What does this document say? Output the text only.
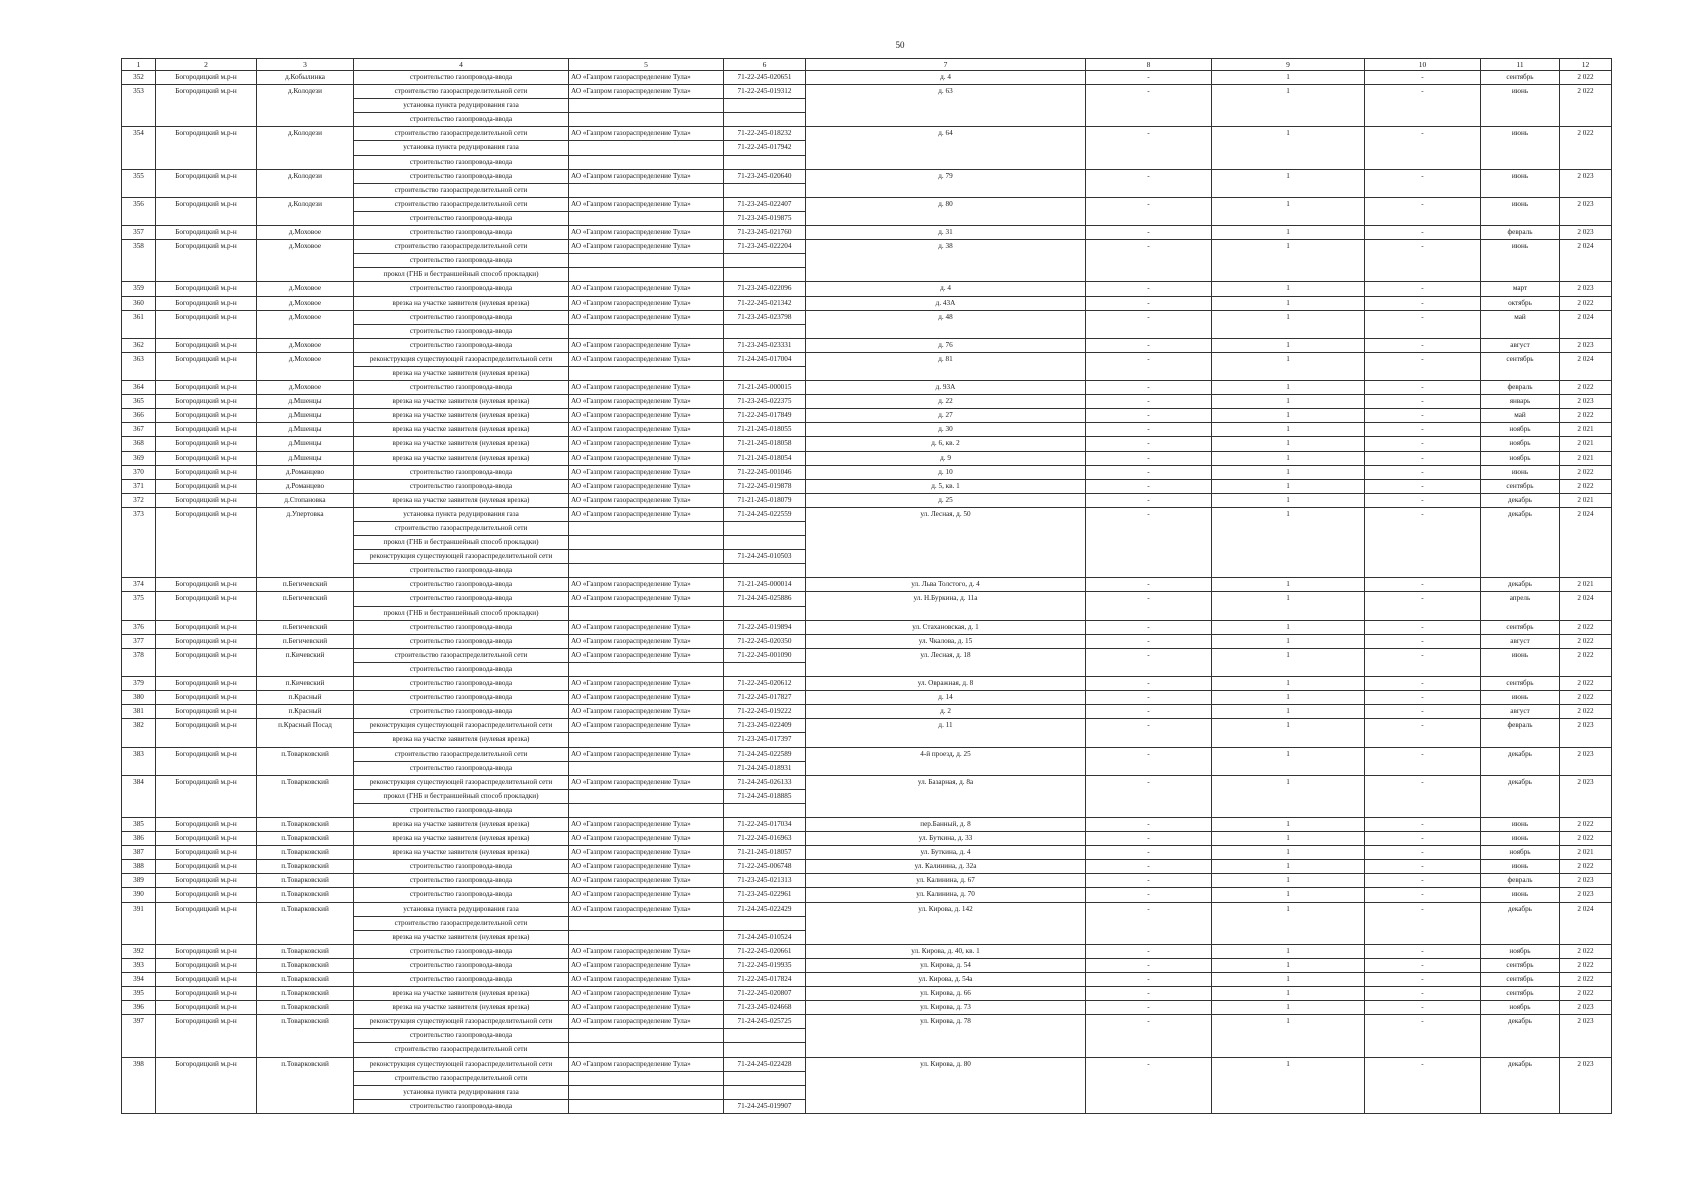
50
1	2	3	4	5	6	7	8	9	10	11	12
352	Богородицкий м.р-н	д.Кобылинка	строительство газопровода-ввода	АО «Газпром газораспределение Тула»	71-22-245-020651	д. 4	-	1	-	сентябрь	2 022
353	Богородицкий м.р-н	д.Колодези	строительство газораспределительной сети	АО «Газпром газораспределение Тула»	71-22-245-019312	д. 63	-	1	-	июнь	2 022
			установка пункта редуцирования газа								
			строительство газопровода-ввода								
354	Богородицкий м.р-н	д.Колодези	строительство газораспределительной сети	АО «Газпром газораспределение Тула»	71-22-245-018232	д. 64	-	1	-	июнь	2 022
			установка пункта редуцирования газа		71-22-245-017942						
			строительство газопровода-ввода								
355	Богородицкий м.р-н	д.Колодези	строительство газопровода-ввода	АО «Газпром газораспределение Тула»	71-23-245-020640	д. 79	-	1	-	июнь	2 023
			строительство газораспределительной сети								
356	Богородицкий м.р-н	д.Колодези	строительство газораспределительной сети	АО «Газпром газораспределение Тула»	71-23-245-022407	д. 80	-	1	-	июнь	2 023
			строительство газопровода-ввода		71-23-245-019875						
357	Богородицкий м.р-н	д.Моховое	строительство газопровода-ввода	АО «Газпром газораспределение Тула»	71-23-245-021760	д. 31	-	1	-	февраль	2 023
358	Богородицкий м.р-н	д.Моховое	строительство газораспределительной сети	АО «Газпром газораспределение Тула»	71-23-245-022204	д. 38	-	1	-	июнь	2 024
			строительство газопровода-ввода								
			прокол (ГНБ и бестраншейный способ прокладки)								
359	Богородицкий м.р-н	д.Моховое	строительство газопровода-ввода	АО «Газпром газораспределение Тула»	71-23-245-022096	д. 4	-	1	-	март	2 023
360	Богородицкий м.р-н	д.Моховое	врезка на участке заявителя (нулевая врезка)	АО «Газпром газораспределение Тула»	71-22-245-021342	д. 43А	-	1	-	октябрь	2 022
361	Богородицкий м.р-н	д.Моховое	строительство газопровода-ввода	АО «Газпром газораспределение Тула»	71-23-245-023798	д. 48	-	1	-	май	2 024
			строительство газопровода-ввода								
362	Богородицкий м.р-н	д.Моховое	строительство газопровода-ввода	АО «Газпром газораспределение Тула»	71-23-245-023331	д. 76	-	1	-	август	2 023
363	Богородицкий м.р-н	д.Моховое	реконструкция существующей газораспределительной сети	АО «Газпром газораспределение Тула»	71-24-245-017004	д. 81	-	1	-	сентябрь	2 024
			врезка на участке заявителя (нулевая врезка)								
364	Богородицкий м.р-н	д.Моховое	строительство газопровода-ввода	АО «Газпром газораспределение Тула»	71-21-245-000015	д. 93А	-	1	-	февраль	2 022
365	Богородицкий м.р-н	д.Мшенцы	врезка на участке заявителя (нулевая врезка)	АО «Газпром газораспределение Тула»	71-23-245-022375	д. 22	-	1	-	январь	2 023
366	Богородицкий м.р-н	д.Мшенцы	врезка на участке заявителя (нулевая врезка)	АО «Газпром газораспределение Тула»	71-22-245-017849	д. 27	-	1	-	май	2 022
367	Богородицкий м.р-н	д.Мшенцы	врезка на участке заявителя (нулевая врезка)	АО «Газпром газораспределение Тула»	71-21-245-018055	д. 30	-	1	-	ноябрь	2 021
368	Богородицкий м.р-н	д.Мшенцы	врезка на участке заявителя (нулевая врезка)	АО «Газпром газораспределение Тула»	71-21-245-018058	д. 6, кв. 2	-	1	-	ноябрь	2 021
369	Богородицкий м.р-н	д.Мшенцы	врезка на участке заявителя (нулевая врезка)	АО «Газпром газораспределение Тула»	71-21-245-018054	д. 9	-	1	-	ноябрь	2 021
370	Богородицкий м.р-н	д.Романцево	строительство газопровода-ввода	АО «Газпром газораспределение Тула»	71-22-245-001046	д. 10	-	1	-	июнь	2 022
371	Богородицкий м.р-н	д.Романцево	строительство газопровода-ввода	АО «Газпром газораспределение Тула»	71-22-245-019878	д. 5, кв. 1	-	1	-	сентябрь	2 022
372	Богородицкий м.р-н	д.Стопановка	врезка на участке заявителя (нулевая врезка)	АО «Газпром газораспределение Тула»	71-21-245-018079	д. 25	-	1	-	декабрь	2 021
373	Богородицкий м.р-н	д.Упертовка	установка пункта редуцирования газа	АО «Газпром газораспределение Тула»	71-24-245-022559	ул. Лесная, д. 50	-	1	-	декабрь	2 024
			строительство газораспределительной сети								
			прокол (ГНБ и бестраншейный способ прокладки)								
			реконструкция существующей газораспределительной сети		71-24-245-010503						
			строительство газопровода-ввода								
374	Богородицкий м.р-н	п.Бегичевский	строительство газопровода-ввода	АО «Газпром газораспределение Тула»	71-21-245-000014	ул. Льва Толстого, д. 4	-	1	-	декабрь	2 021
375	Богородицкий м.р-н	п.Бегичевский	строительство газопровода-ввода	АО «Газпром газораспределение Тула»	71-24-245-025886	ул. Н.Буркина, д. 11а	-	1	-	апрель	2 024
			прокол (ГНБ и бестраншейный способ прокладки)								
376	Богородицкий м.р-н	п.Бегичевский	строительство газопровода-ввода	АО «Газпром газораспределение Тула»	71-22-245-019894	ул. Стахановская, д. 1	-	1	-	сентябрь	2 022
377	Богородицкий м.р-н	п.Бегичевский	строительство газопровода-ввода	АО «Газпром газораспределение Тула»	71-22-245-020350	ул. Чкалова, д. 15	-	1	-	август	2 022
378	Богородицкий м.р-н	п.Кичевский	строительство газораспределительной сети	АО «Газпром газораспределение Тула»	71-22-245-001090	ул. Лесная, д. 18	-	1	-	июнь	2 022
			строительство газопровода-ввода								
379	Богородицкий м.р-н	п.Кичевский	строительство газопровода-ввода	АО «Газпром газораспределение Тула»	71-22-245-020612	ул. Овражная, д. 8	-	1	-	сентябрь	2 022
380	Богородицкий м.р-н	п.Красный	строительство газопровода-ввода	АО «Газпром газораспределение Тула»	71-22-245-017827	д. 14	-	1	-	июнь	2 022
381	Богородицкий м.р-н	п.Красный	строительство газопровода-ввода	АО «Газпром газораспределение Тула»	71-22-245-019222	д. 2	-	1	-	август	2 022
382	Богородицкий м.р-н	п.Красный Посад	реконструкция существующей газораспределительной сети	АО «Газпром газораспределение Тула»	71-23-245-022409	д. 11	-	1	-	февраль	2 023
			врезка на участке заявителя (нулевая врезка)		71-23-245-017397						
383	Богородицкий м.р-н	п.Товарковский	строительство газораспределительной сети	АО «Газпром газораспределение Тула»	71-24-245-022589	4-й проезд, д. 25	-	1	-	декабрь	2 023
			строительство газопровода-ввода		71-24-245-018931						
384	Богородицкий м.р-н	п.Товарковский	реконструкция существующей газораспределительной сети	АО «Газпром газораспределение Тула»	71-24-245-026133	ул. Базарная, д. 8а	-	1	-	декабрь	2 023
			прокол (ГНБ и бестраншейный способ прокладки)		71-24-245-018885						
			строительство газопровода-ввода								
385	Богородицкий м.р-н	п.Товарковский	врезка на участке заявителя (нулевая врезка)	АО «Газпром газораспределение Тула»	71-22-245-017034	пер.Банный, д. 8	-	1	-	июнь	2 022
386	Богородицкий м.р-н	п.Товарковский	врезка на участке заявителя (нулевая врезка)	АО «Газпром газораспределение Тула»	71-22-245-016963	ул. Буткина, д. 33	-	1	-	июнь	2 022
387	Богородицкий м.р-н	п.Товарковский	врезка на участке заявителя (нулевая врезка)	АО «Газпром газораспределение Тула»	71-21-245-018057	ул. Буткина, д. 4	-	1	-	ноябрь	2 021
388	Богородицкий м.р-н	п.Товарковский	строительство газопровода-ввода	АО «Газпром газораспределение Тула»	71-22-245-006748	ул. Калинина, д. 32а	-	1	-	июнь	2 022
389	Богородицкий м.р-н	п.Товарковский	строительство газопровода-ввода	АО «Газпром газораспределение Тула»	71-23-245-021313	ул. Калинина, д. 67	-	1	-	февраль	2 023
390	Богородицкий м.р-н	п.Товарковский	строительство газопровода-ввода	АО «Газпром газораспределение Тула»	71-23-245-022961	ул. Калинина, д. 70	-	1	-	июнь	2 023
391	Богородицкий м.р-н	п.Товарковский	установка пункта редуцирования газа	АО «Газпром газораспределение Тула»	71-24-245-022429	ул. Кирова, д. 142	-	1	-	декабрь	2 024
			строительство газораспределительной сети								
			врезка на участке заявителя (нулевая врезка)		71-24-245-010524						
392	Богородицкий м.р-н	п.Товарковский	строительство газопровода-ввода	АО «Газпром газораспределение Тула»	71-22-245-020661	ул. Кирова, д. 40, кв. 1	-	1	-	ноябрь	2 022
393	Богородицкий м.р-н	п.Товарковский	строительство газопровода-ввода	АО «Газпром газораспределение Тула»	71-22-245-019935	ул. Кирова, д. 54	-	1	-	сентябрь	2 022
394	Богородицкий м.р-н	п.Товарковский	строительство газопровода-ввода	АО «Газпром газораспределение Тула»	71-22-245-017824	ул. Кирова, д. 54а	-	1	-	сентябрь	2 022
395	Богородицкий м.р-н	п.Товарковский	врезка на участке заявителя (нулевая врезка)	АО «Газпром газораспределение Тула»	71-22-245-020807	ул. Кирова, д. 66	-	1	-	сентябрь	2 022
396	Богородицкий м.р-н	п.Товарковский	врезка на участке заявителя (нулевая врезка)	АО «Газпром газораспределение Тула»	71-23-245-024668	ул. Кирова, д. 73	-	1	-	ноябрь	2 023
397	Богородицкий м.р-н	п.Товарковский	реконструкция существующей газораспределительной сети	АО «Газпром газораспределение Тула»	71-24-245-025725	ул. Кирова, д. 78	-	1	-	декабрь	2 023
			строительство газопровода-ввода								
			строительство газораспределительной сети								
398	Богородицкий м.р-н	п.Товарковский	реконструкция существующей газораспределительной сети	АО «Газпром газораспределение Тула»	71-24-245-022428	ул. Кирова, д. 80	-	1	-	декабрь	2 023
			строительство газораспределительной сети								
			установка пункта редуцирования газа								
			строительство газопровода-ввода		71-24-245-019907						
